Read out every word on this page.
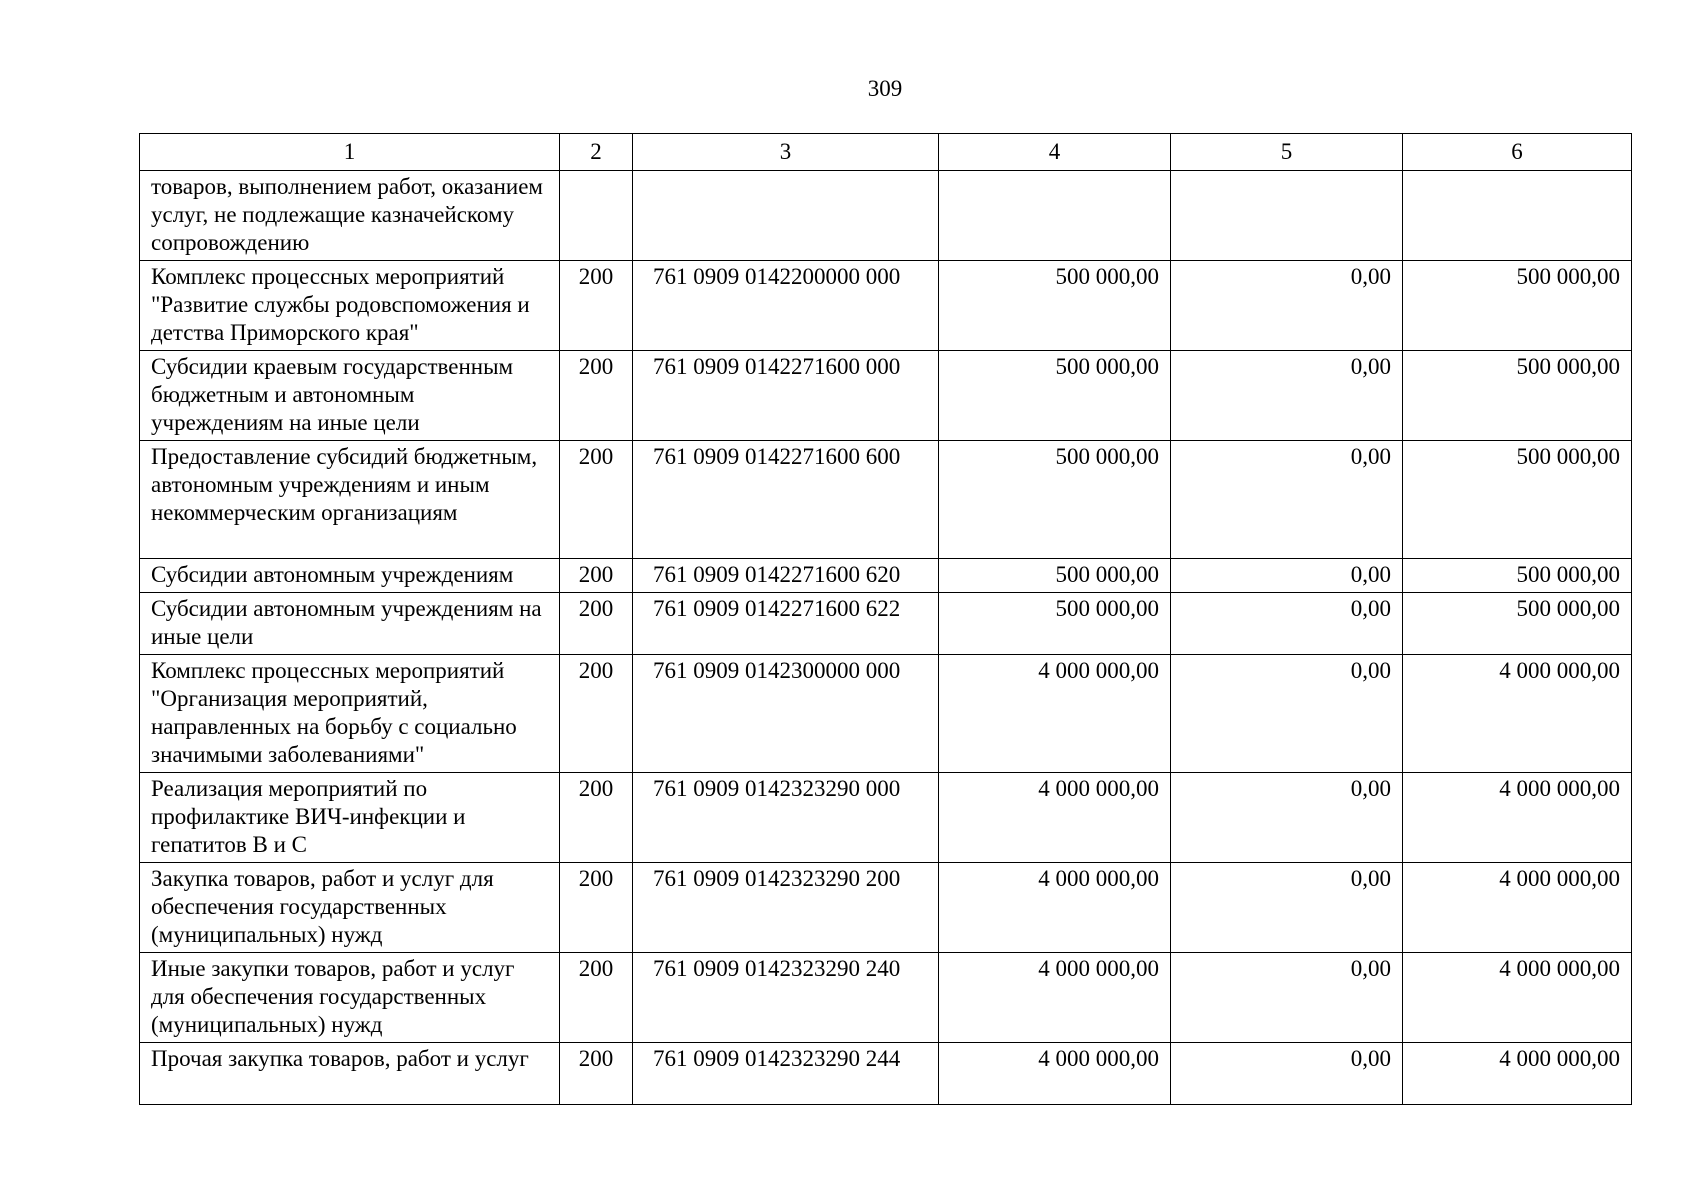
309
1	2	3	4	5	6
товаров, выполнением работ, оказанием услуг, не подлежащие казначейскому сопровождению					
Комплекс процессных мероприятий "Развитие службы родовспоможения и детства Приморского края"	200	761 0909 0142200000 000	500 000,00	0,00	500 000,00
Субсидии краевым государственным бюджетным и автономным учреждениям на иные цели	200	761 0909 0142271600 000	500 000,00	0,00	500 000,00
Предоставление субсидий бюджетным, автономным учреждениям и иным некоммерческим организациям	200	761 0909 0142271600 600	500 000,00	0,00	500 000,00
Субсидии автономным учреждениям	200	761 0909 0142271600 620	500 000,00	0,00	500 000,00
Субсидии автономным учреждениям на иные цели	200	761 0909 0142271600 622	500 000,00	0,00	500 000,00
Комплекс процессных мероприятий "Организация мероприятий, направленных на борьбу с социально значимыми заболеваниями"	200	761 0909 0142300000 000	4 000 000,00	0,00	4 000 000,00
Реализация мероприятий по профилактике ВИЧ-инфекции и гепатитов B и C	200	761 0909 0142323290 000	4 000 000,00	0,00	4 000 000,00
Закупка товаров, работ и услуг для обеспечения государственных (муниципальных) нужд	200	761 0909 0142323290 200	4 000 000,00	0,00	4 000 000,00
Иные закупки товаров, работ и услуг для обеспечения государственных (муниципальных) нужд	200	761 0909 0142323290 240	4 000 000,00	0,00	4 000 000,00
Прочая закупка товаров, работ и услуг	200	761 0909 0142323290 244	4 000 000,00	0,00	4 000 000,00
